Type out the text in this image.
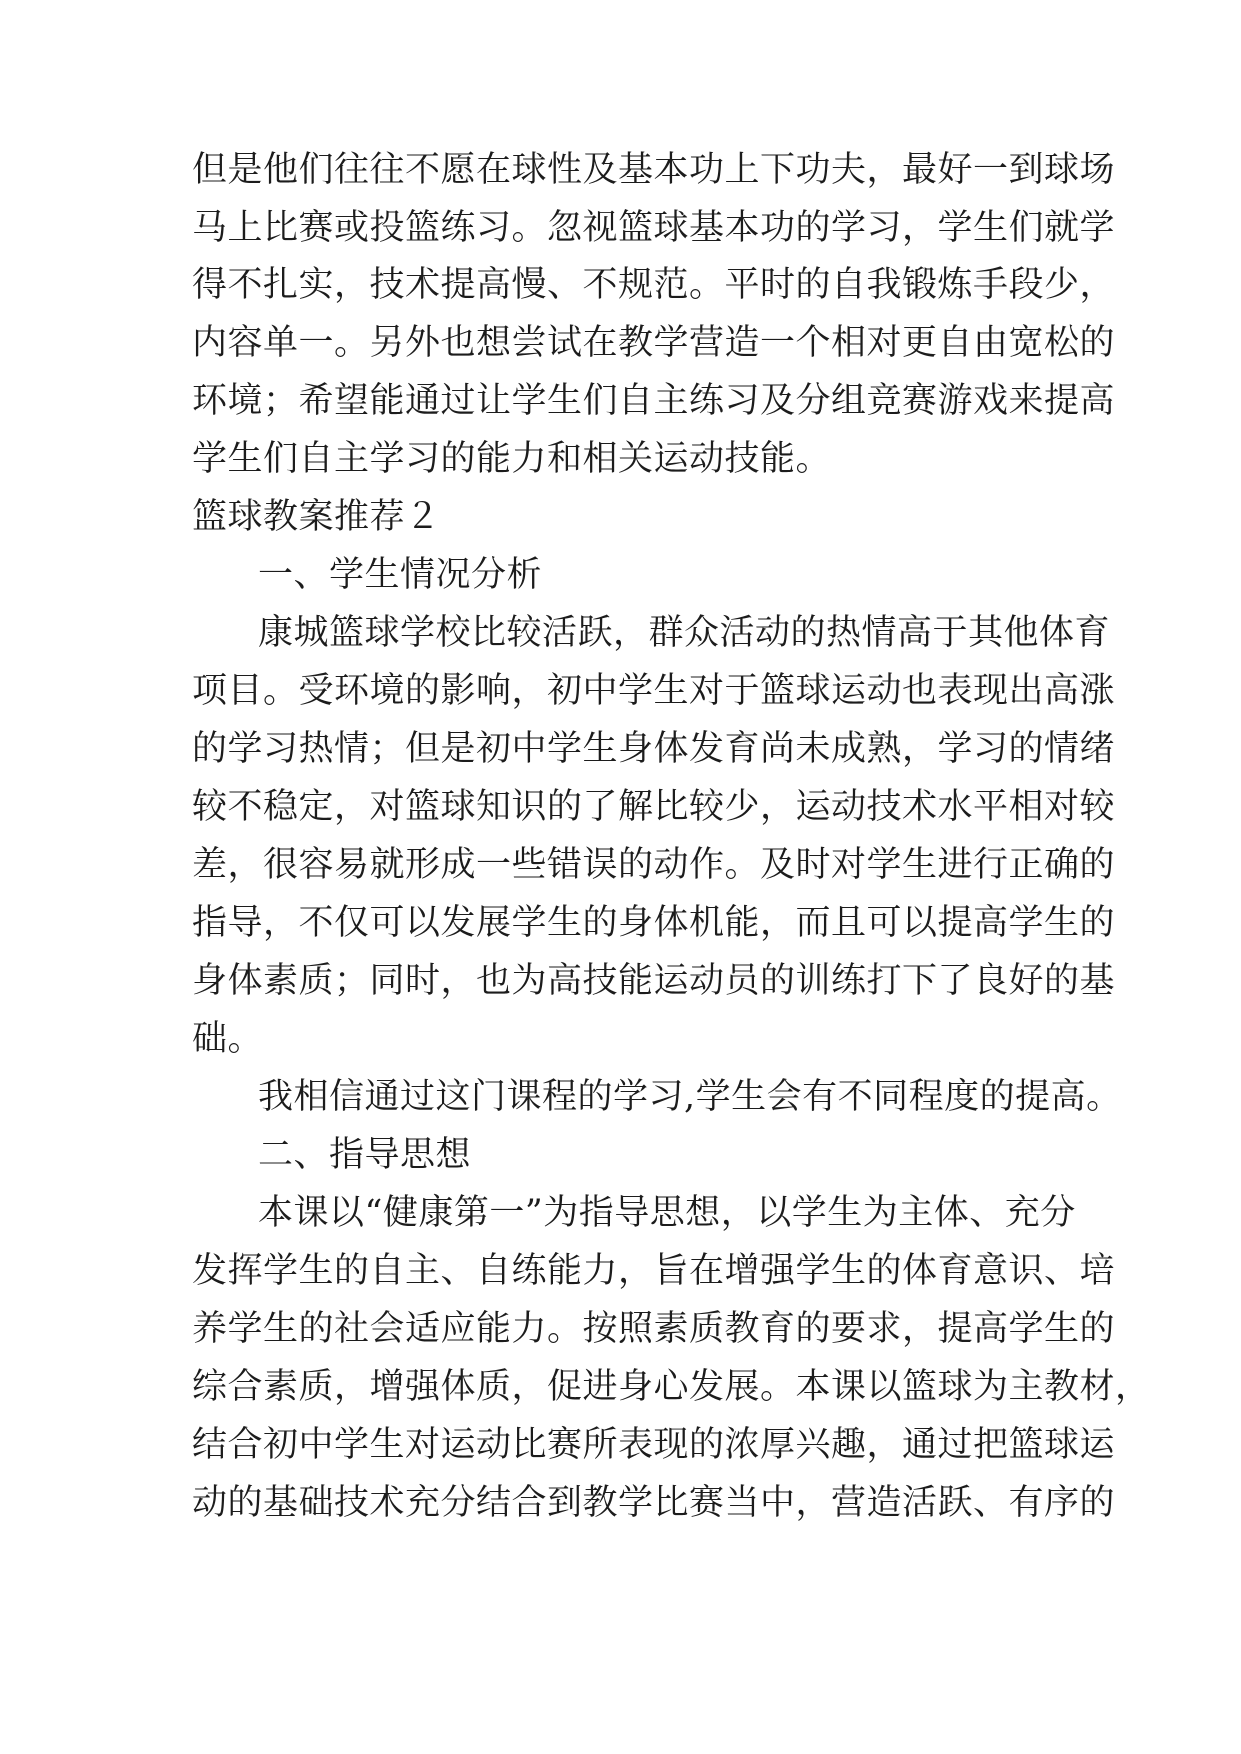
但是他们往往不愿在球性及基本功上下功夫，最好一到球场
马上比赛或投篮练习。忽视篮球基本功的学习，学生们就学
得不扎实，技术提高慢、不规范。平时的自我锻炼手段少，
内容单一。另外也想尝试在教学营造一个相对更自由宽松的
环境；希望能通过让学生们自主练习及分组竞赛游戏来提高
学生们自主学习的能力和相关运动技能。
篮球教案推荐２
一、学生情况分析
康城篮球学校比较活跃，群众活动的热情高于其他体育
项目。受环境的影响，初中学生对于篮球运动也表现出高涨
的学习热情；但是初中学生身体发育尚未成熟，学习的情绪
较不稳定，对篮球知识的了解比较少，运动技术水平相对较
差，很容易就形成一些错误的动作。及时对学生进行正确的
指导，不仅可以发展学生的身体机能，而且可以提高学生的
身体素质；同时，也为高技能运动员的训练打下了良好的基
础。
我相信通过这门课程的学习,学生会有不同程度的提高。
二、指导思想
本课以“健康第一”为指导思想，以学生为主体、充分
发挥学生的自主、自练能力，旨在增强学生的体育意识、培
养学生的社会适应能力。按照素质教育的要求，提高学生的
综合素质，增强体质，促进身心发展。本课以篮球为主教材，
结合初中学生对运动比赛所表现的浓厚兴趣，通过把篮球运
动的基础技术充分结合到教学比赛当中，营造活跃、有序的
